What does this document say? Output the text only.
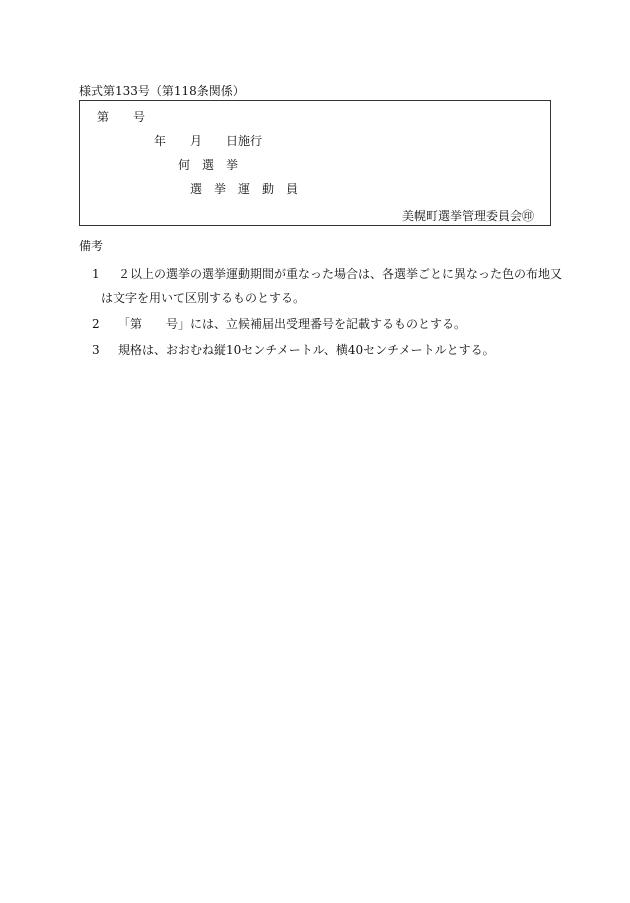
様式第133号（第118条関係）
第　　号
年　　月　　日施行
何　選　挙
選　挙　運　動　員
美幌町選挙管理委員会㊞
備考
1 ２以上の選挙の選挙運動期間が重なった場合は、各選挙ごとに異なった色の布地又
は文字を用いて区別するものとする。
2 「第　　号」には、立候補届出受理番号を記載するものとする。
3 規格は、おおむね縦10センチメートル、横40センチメートルとする。
